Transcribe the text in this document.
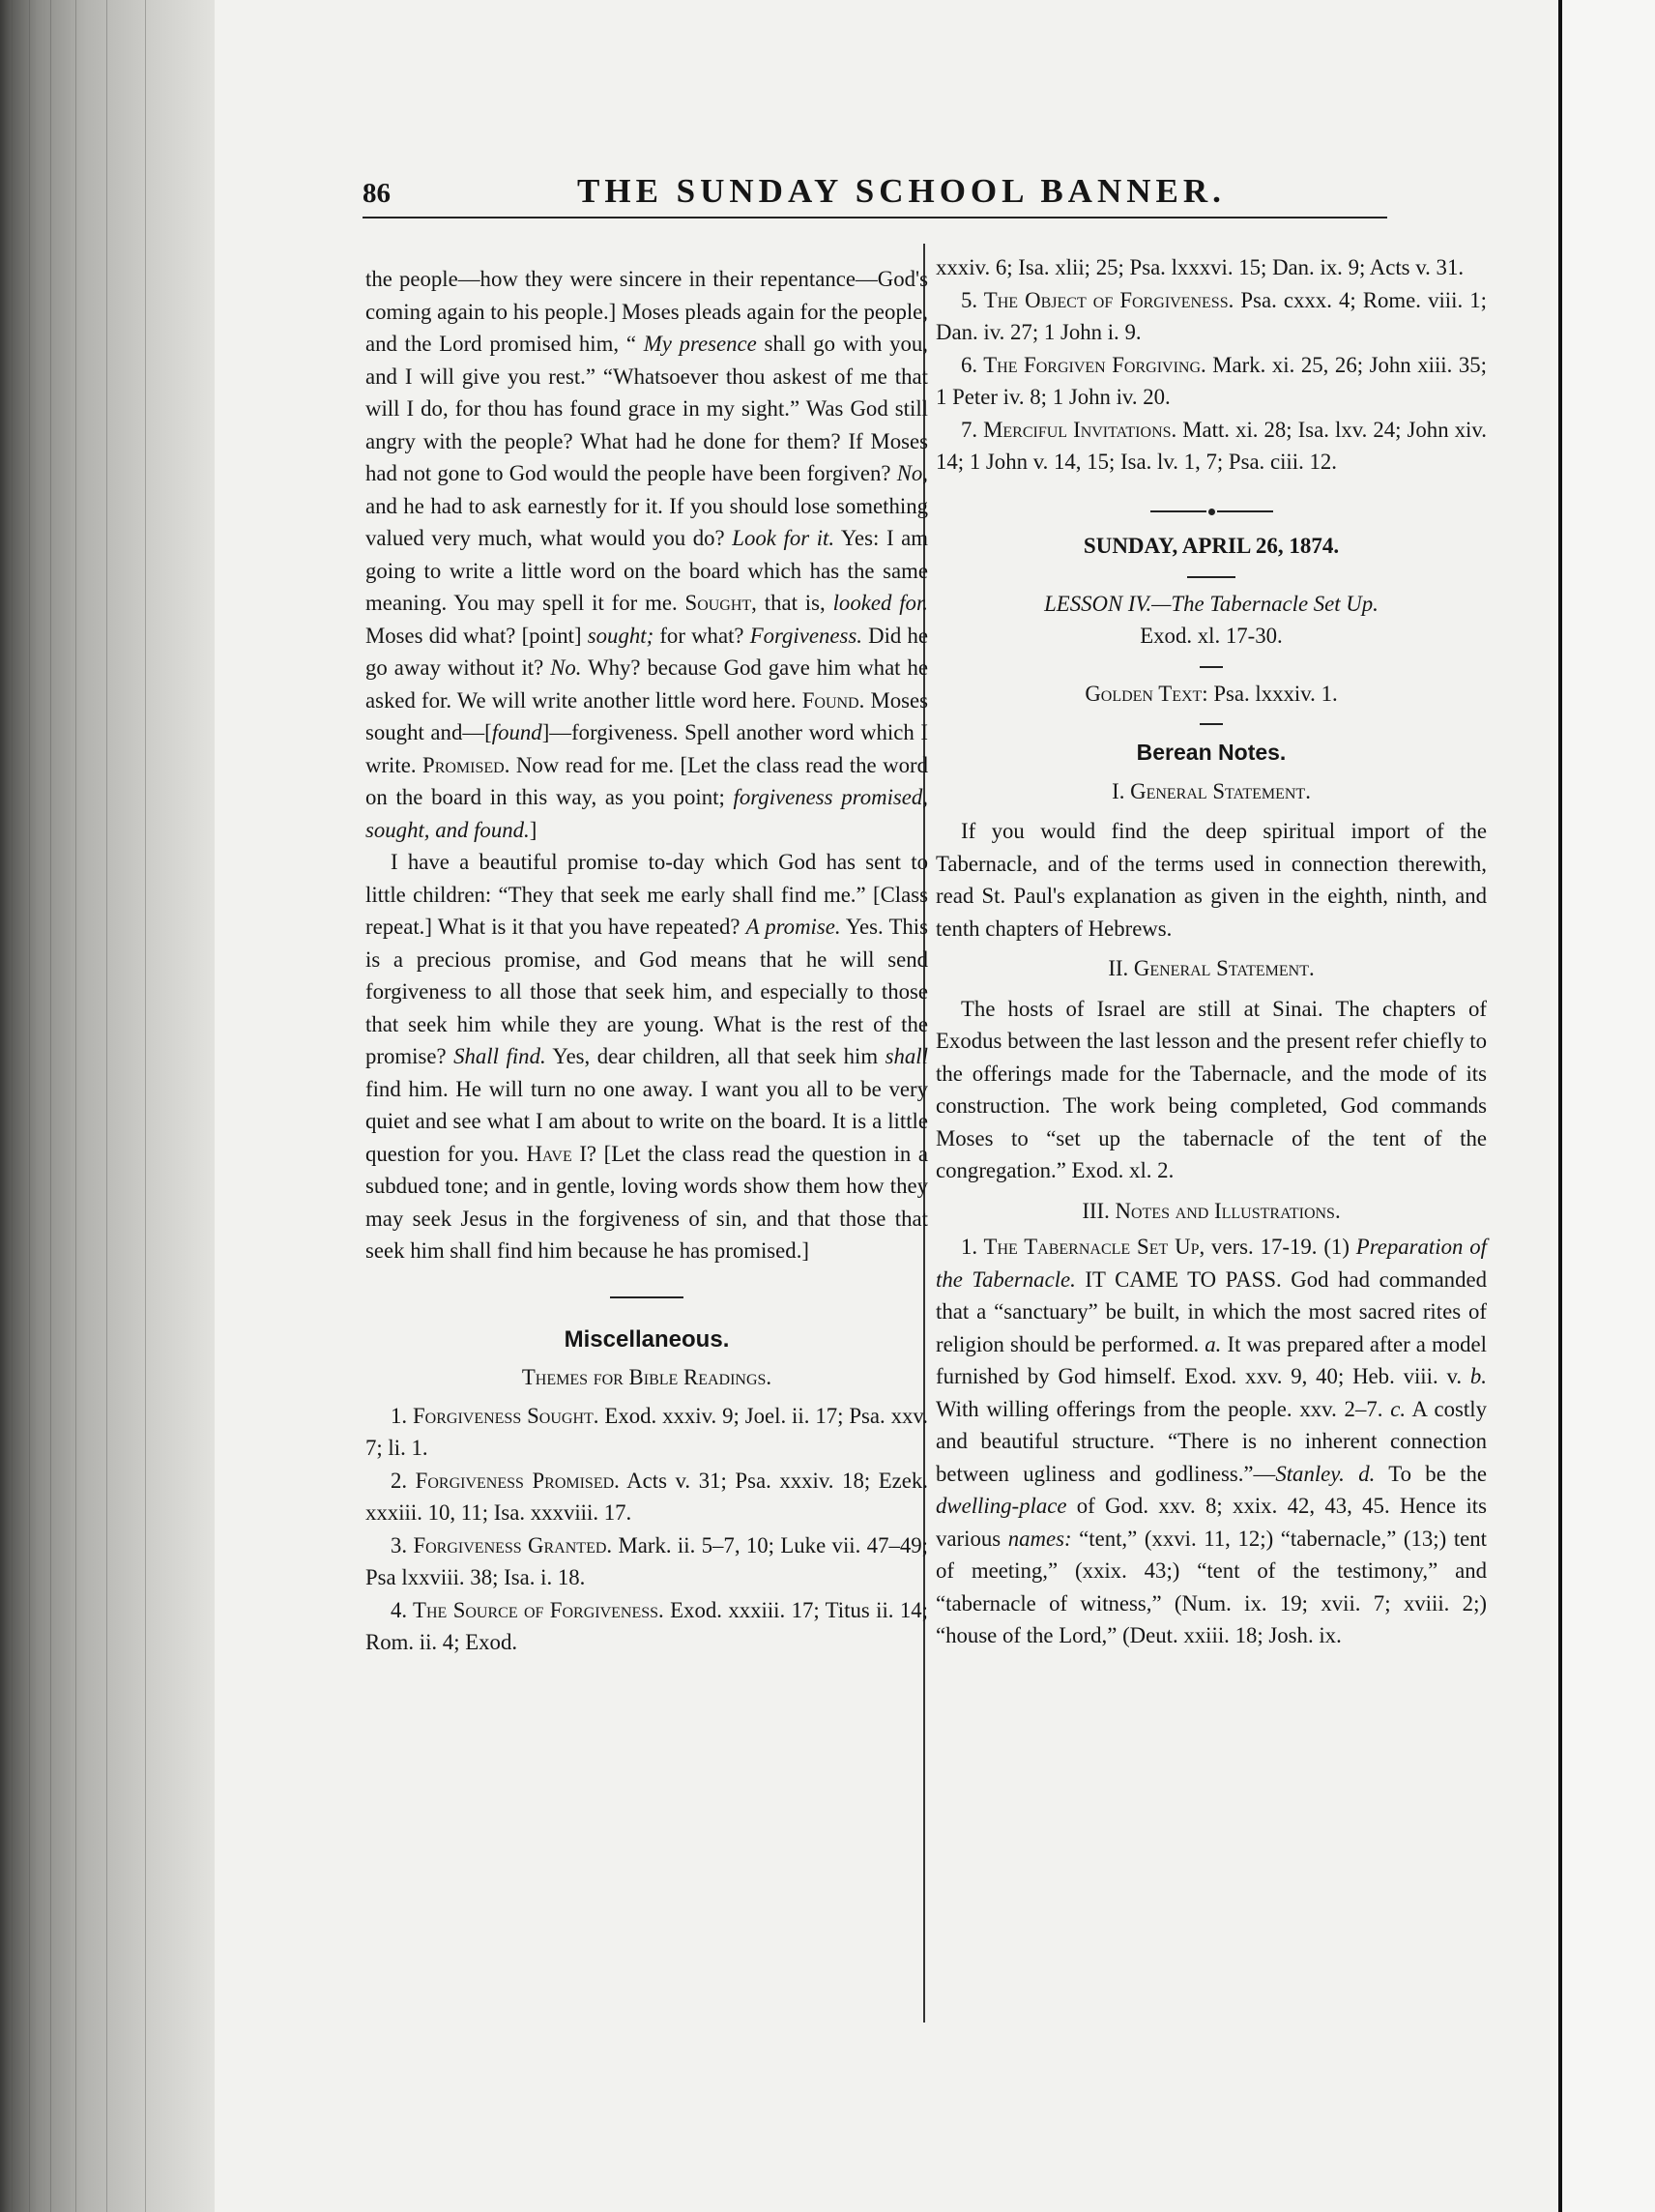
86	THE SUNDAY SCHOOL BANNER.

the people—how they were sincere in their repentance—God's coming again to his people.] Moses pleads again for the people, and the Lord promised him, “ My presence shall go with you, and I will give you rest.” “Whatsoever thou askest of me that will I do, for thou has found grace in my sight.” Was God still angry with the people? What had he done for them? If Moses had not gone to God would the people have been forgiven? No, and he had to ask earnestly for it. If you should lose something valued very much, what would you do? Look for it. Yes: I am going to write a little word on the board which has the same meaning. You may spell it for me. Sought, that is, looked for. Moses did what? [point] sought; for what? Forgiveness. Did he go away without it? No. Why? because God gave him what he asked for. We will write another little word here. Found. Moses sought and—[found]—forgiveness. Spell another word which I write. Promised. Now read for me. [Let the class read the word on the board in this way, as you point; forgiveness promised, sought, and found.]

I have a beautiful promise to-day which God has sent to little children: “They that seek me early shall find me.” [Class repeat.] What is it that you have repeated? A promise. Yes. This is a precious promise, and God means that he will send forgiveness to all those that seek him, and especially to those that seek him while they are young. What is the rest of the promise? Shall find. Yes, dear children, all that seek him shall find him. He will turn no one away. I want you all to be very quiet and see what I am about to write on the board. It is a little question for you. Have I? [Let the class read the question in a subdued tone; and in gentle, loving words show them how they may seek Jesus in the forgiveness of sin, and that those that seek him shall find him because he has promised.]

Miscellaneous.

Themes for Bible Readings.

1. Forgiveness Sought. Exod. xxxiv. 9; Joel. ii. 17; Psa. xxv. 7; li. 1.

2. Forgiveness Promised. Acts v. 31; Psa. xxxiv. 18; Ezek. xxxiii. 10, 11; Isa. xxxviii. 17.

3. Forgiveness Granted. Mark. ii. 5–7, 10; Luke vii. 47–49; Psa lxxviii. 38; Isa. i. 18.

4. The Source of Forgiveness. Exod. xxxiii. 17; Titus ii. 14; Rom. ii. 4; Exod.

xxxiv. 6; Isa. xlii; 25; Psa. lxxxvi. 15; Dan. ix. 9; Acts v. 31.

5. The Object of Forgiveness. Psa. cxxx. 4; Rome. viii. 1; Dan. iv. 27; 1 John i. 9.

6. The Forgiven Forgiving. Mark. xi. 25, 26; John xiii. 35; 1 Peter iv. 8; 1 John iv. 20.

7. Merciful Invitations. Matt. xi. 28; Isa. lxv. 24; John xiv. 14; 1 John v. 14, 15; Isa. lv. 1, 7; Psa. ciii. 12.

SUNDAY, APRIL 26, 1874.

LESSON IV.—The Tabernacle Set Up.

Exod. xl. 17-30.

Golden Text: Psa. lxxxiv. 1.

Berean Notes.

I. General Statement.

If you would find the deep spiritual import of the Tabernacle, and of the terms used in connection therewith, read St. Paul's explanation as given in the eighth, ninth, and tenth chapters of Hebrews.

II. General Statement.

The hosts of Israel are still at Sinai. The chapters of Exodus between the last lesson and the present refer chiefly to the offerings made for the Tabernacle, and the mode of its construction. The work being completed, God commands Moses to “set up the tabernacle of the tent of the congregation.” Exod. xl. 2.

III. Notes and Illustrations.

1. The Tabernacle Set Up, vers. 17-19. (1) Preparation of the Tabernacle. IT CAME TO PASS. God had commanded that a “sanctuary” be built, in which the most sacred rites of religion should be performed. a. It was prepared after a model furnished by God himself. Exod. xxv. 9, 40; Heb. viii. v. b. With willing offerings from the people. xxv. 2–7. c. A costly and beautiful structure. “There is no inherent connection between ugliness and godliness.”—Stanley. d. To be the dwelling-place of God. xxv. 8; xxix. 42, 43, 45. Hence its various names: “tent,” (xxvi. 11, 12;) “tabernacle,” (13;) tent of meeting,” (xxix. 43;) “tent of the testimony,” and “tabernacle of witness,” (Num. ix. 19; xvii. 7; xviii. 2;) “house of the Lord,” (Deut. xxiii. 18; Josh. ix.
